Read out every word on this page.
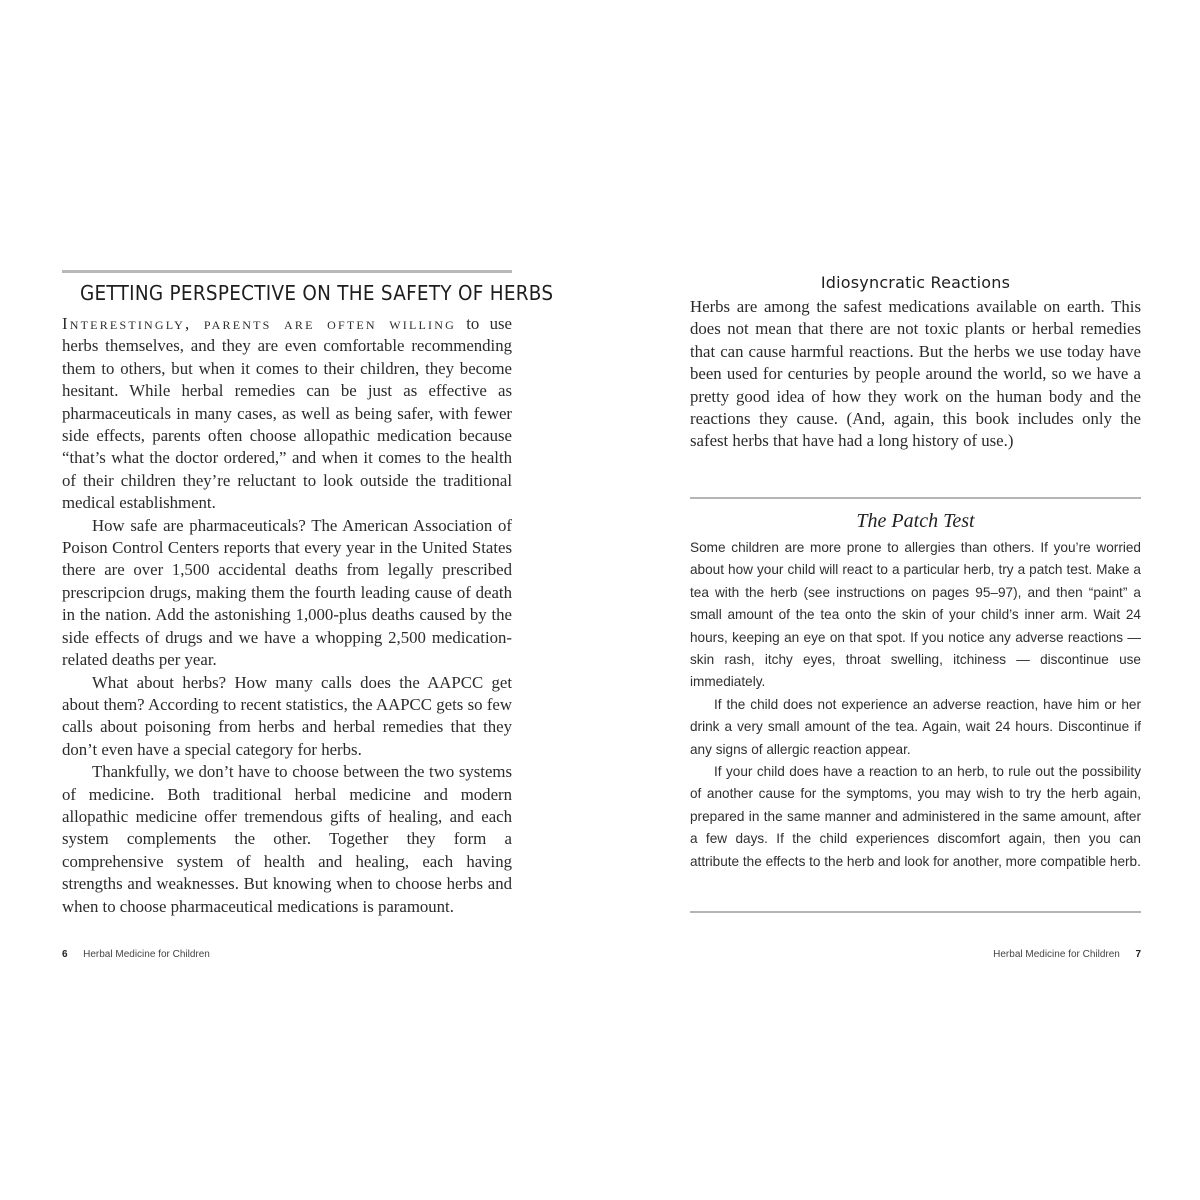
GETTING PERSPECTIVE ON THE SAFETY OF HERBS

Interestingly, parents are often willing to use herbs themselves, and they are even comfortable recommending them to others, but when it comes to their children, they become hesitant. While herbal remedies can be just as effective as pharmaceuticals in many cases, as well as being safer, with fewer side effects, parents often choose allopathic medication because “that’s what the doctor ordered,” and when it comes to the health of their children they’re reluctant to look outside the traditional medical establishment.

How safe are pharmaceuticals? The American Association of Poison Control Centers reports that every year in the United States there are over 1,500 accidental deaths from legally prescribed prescripcion drugs, making them the fourth leading cause of death in the nation. Add the astonishing 1,000-plus deaths caused by the side effects of drugs and we have a whopping 2,500 medication-related deaths per year.

What about herbs? How many calls does the AAPCC get about them? According to recent statistics, the AAPCC gets so few calls about poisoning from herbs and herbal remedies that they don’t even have a special category for herbs.

Thankfully, we don’t have to choose between the two systems of medicine. Both traditional herbal medicine and modern allopathic medicine offer tremendous gifts of healing, and each system complements the other. Together they form a comprehensive system of health and healing, each having strengths and weaknesses. But knowing when to choose herbs and when to choose pharmaceutical medications is paramount.

6 Herbal Medicine for Children
Idiosyncratic Reactions

Herbs are among the safest medications available on earth. This does not mean that there are not toxic plants or herbal remedies that can cause harmful reactions. But the herbs we use today have been used for centuries by people around the world, so we have a pretty good idea of how they work on the human body and the reactions they cause. (And, again, this book includes only the safest herbs that have had a long history of use.)

The Patch Test

Some children are more prone to allergies than others. If you’re worried about how your child will react to a particular herb, try a patch test. Make a tea with the herb (see instructions on pages 95–97), and then “paint” a small amount of the tea onto the skin of your child’s inner arm. Wait 24 hours, keeping an eye on that spot. If you notice any adverse reactions — skin rash, itchy eyes, throat swelling, itchiness — discontinue use immediately.

If the child does not experience an adverse reaction, have him or her drink a very small amount of the tea. Again, wait 24 hours. Discontinue if any signs of allergic reaction appear.

If your child does have a reaction to an herb, to rule out the possibility of another cause for the symptoms, you may wish to try the herb again, prepared in the same manner and administered in the same amount, after a few days. If the child experiences discomfort again, then you can attribute the effects to the herb and look for another, more compatible herb.

Herbal Medicine for Children 7
